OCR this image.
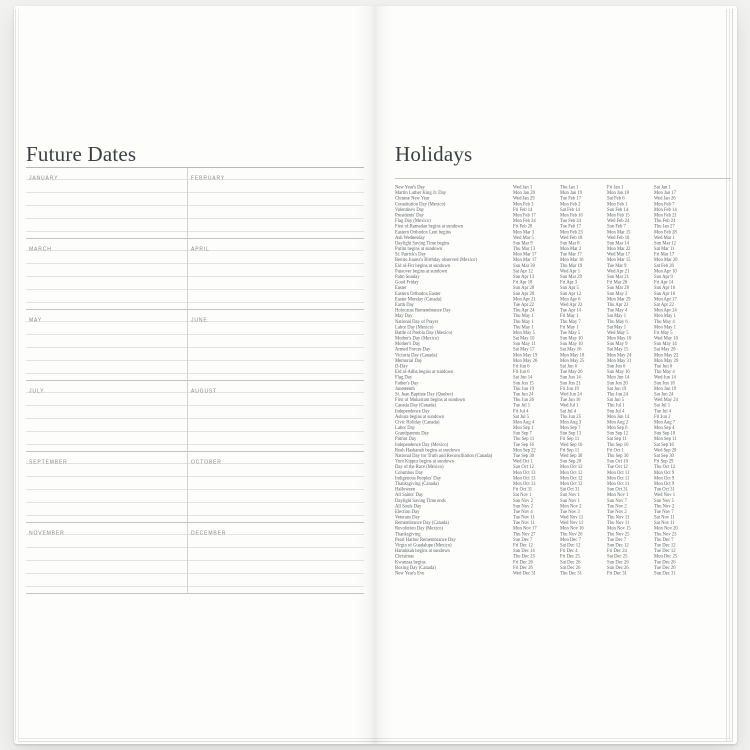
Future Dates
JANUARY	FEBRUARY
MARCH	APRIL
MAY	JUNE
JULY	AUGUST
SEPTEMBER	OCTOBER
NOVEMBER	DECEMBER
Holidays
New Year's Day	Wed Jan 1	Thu Jan 1	Fri Jan 1	Sat Jan 1
Martin Luther King Jr. Day	Mon Jan 20	Mon Jan 19	Mon Jan 18	Mon Jan 17
Chinese New Year	Wed Jan 29	Tue Feb 17	Sat Feb 6	Wed Jan 26
Constitution Day (Mexico)	Mon Feb 3	Mon Feb 2	Mon Feb 1	Mon Feb 7
Valentine's Day	Fri Feb 14	Sat Feb 14	Sun Feb 14	Mon Feb 14
Presidents' Day	Mon Feb 17	Mon Feb 16	Mon Feb 15	Mon Feb 21
Flag Day (Mexico)	Mon Feb 24	Tue Feb 24	Wed Feb 24	Thu Feb 24
First of Ramadan begins at sundown	Fri Feb 28	Tue Feb 17	Sun Feb 7	Thu Jan 27
Eastern Orthodox Lent begins	Mon Mar 3	Mon Feb 23	Mon Mar 15	Mon Feb 28
Ash Wednesday	Wed Mar 5	Wed Feb 18	Wed Feb 10	Wed Mar 1
Daylight Saving Time begins	Sun Mar 9	Sun Mar 8	Sun Mar 14	Sun Mar 12
Purim begins at sundown	Thu Mar 13	Mon Mar 2	Mon Mar 22	Sat Mar 11
St. Patrick's Day	Mon Mar 17	Tue Mar 17	Wed Mar 17	Fri Mar 17
Benito Juarez's Birthday observed (Mexico)	Mon Mar 17	Mon Mar 16	Mon Mar 15	Mon Mar 20
Eid al-Fitr begins at sundown	Sun Mar 30	Thu Mar 19	Tue Mar 9	Sat Feb 26
Passover begins at sundown	Sat Apr 12	Wed Apr 1	Wed Apr 21	Mon Apr 10
Palm Sunday	Sun Apr 13	Sun Mar 29	Sun Mar 21	Sun Apr 9
Good Friday	Fri Apr 18	Fri Apr 3	Fri Mar 26	Fri Apr 14
Easter	Sun Apr 20	Sun Apr 5	Sun Mar 28	Sun Apr 16
Eastern Orthodox Easter	Sun Apr 20	Sun Apr 12	Sun May 2	Sun Apr 16
Easter Monday (Canada)	Mon Apr 21	Mon Apr 6	Mon Mar 29	Mon Apr 17
Earth Day	Tue Apr 22	Wed Apr 22	Thu Apr 22	Sat Apr 22
Holocaust Remembrance Day	Thu Apr 24	Tue Apr 14	Tue May 4	Mon Apr 24
May Day	Thu May 1	Fri May 1	Sat May 1	Mon May 1
National Day of Prayer	Thu May 1	Thu May 7	Thu May 6	Thu May 4
Labor Day (Mexico)	Thu May 1	Fri May 1	Sat May 1	Mon May 1
Battle of Puebla Day (Mexico)	Mon May 5	Tue May 5	Wed May 5	Fri May 5
Mother's Day (Mexico)	Sat May 10	Sun May 10	Mon May 10	Wed May 10
Mother's Day	Sun May 11	Sun May 10	Sun May 9	Sun May 14
Armed Forces Day	Sat May 17	Sat May 16	Sat May 15	Sat May 20
Victoria Day (Canada)	Mon May 19	Mon May 18	Mon May 24	Mon May 22
Memorial Day	Mon May 26	Mon May 25	Mon May 31	Mon May 29
D-Day	Fri Jun 6	Sat Jun 6	Sun Jun 6	Tue Jun 6
Eid al-Adha begins at sundown	Fri Jun 6	Tue May 26	Sun May 16	Thu May 4
Flag Day	Sat Jun 14	Sun Jun 14	Mon Jun 14	Wed Jun 14
Father's Day	Sun Jun 15	Sun Jun 21	Sun Jun 20	Sun Jun 18
Juneteenth	Thu Jun 19	Fri Jun 19	Sat Jun 19	Mon Jun 19
St. Jean Baptiste Day (Quebec)	Tue Jun 24	Wed Jun 24	Thu Jun 24	Sat Jun 24
First of Muharram begins at sundown	Thu Jun 26	Tue Jun 16	Sat Jun 5	Wed May 24
Canada Day (Canada)	Tue Jul 1	Wed Jul 1	Thu Jul 1	Sat Jul 1
Independence Day	Fri Jul 4	Sat Jul 4	Sun Jul 4	Tue Jul 4
Ashura begins at sundown	Sat Jul 5	Thu Jun 25	Mon Jun 14	Fri Jun 2
Civic Holiday (Canada)	Mon Aug 4	Mon Aug 3	Mon Aug 2	Mon Aug 7
Labor Day	Mon Sep 1	Mon Sep 7	Mon Sep 6	Mon Sep 4
Grandparents Day	Sun Sep 7	Sun Sep 13	Sun Sep 12	Sun Sep 10
Patriot Day	Thu Sep 11	Fri Sep 11	Sat Sep 11	Mon Sep 11
Independence Day (Mexico)	Tue Sep 16	Wed Sep 16	Thu Sep 16	Sat Sep 16
Rosh Hashanah begins at sundown	Mon Sep 22	Fri Sep 11	Fri Oct 1	Wed Sep 20
National Day for Truth and Reconciliation (Canada)	Tue Sep 30	Wed Sep 30	Thu Sep 30	Sat Sep 30
Yom Kippur begins at sundown	Wed Oct 1	Sun Sep 20	Sun Oct 10	Fri Sep 29
Day of the Race (Mexico)	Sun Oct 12	Mon Oct 12	Tue Oct 12	Thu Oct 12
Columbus Day	Mon Oct 13	Mon Oct 12	Mon Oct 11	Mon Oct 9
Indigenous Peoples' Day	Mon Oct 13	Mon Oct 12	Mon Oct 11	Mon Oct 9
Thanksgiving (Canada)	Mon Oct 13	Mon Oct 12	Mon Oct 11	Mon Oct 9
Halloween	Fri Oct 31	Sat Oct 31	Sun Oct 31	Tue Oct 31
All Saints' Day	Sat Nov 1	Sun Nov 1	Mon Nov 1	Wed Nov 1
Daylight Saving Time ends	Sun Nov 2	Sun Nov 1	Sun Nov 7	Sun Nov 5
All Souls Day	Sun Nov 2	Mon Nov 2	Tue Nov 2	Thu Nov 2
Election Day	Tue Nov 4	Tue Nov 3	Tue Nov 2	Tue Nov 7
Veterans Day	Tue Nov 11	Wed Nov 11	Thu Nov 11	Sat Nov 11
Remembrance Day (Canada)	Tue Nov 11	Wed Nov 11	Thu Nov 11	Sat Nov 11
Revolution Day (Mexico)	Mon Nov 17	Mon Nov 16	Mon Nov 15	Mon Nov 20
Thanksgiving	Thu Nov 27	Thu Nov 26	Thu Nov 25	Thu Nov 23
Pearl Harbor Remembrance Day	Sun Dec 7	Mon Dec 7	Tue Dec 7	Thu Dec 7
Virgin of Guadalupe (Mexico)	Fri Dec 12	Sat Dec 12	Sun Dec 12	Tue Dec 12
Hanukkah begins at sundown	Sun Dec 14	Fri Dec 4	Fri Dec 24	Tue Dec 12
Christmas	Thu Dec 25	Fri Dec 25	Sat Dec 25	Mon Dec 25
Kwanzaa begins	Fri Dec 26	Sat Dec 26	Sun Dec 26	Tue Dec 26
Boxing Day (Canada)	Fri Dec 26	Sat Dec 26	Sun Dec 26	Tue Dec 26
New Year's Eve	Wed Dec 31	Thu Dec 31	Fri Dec 31	Sun Dec 31
